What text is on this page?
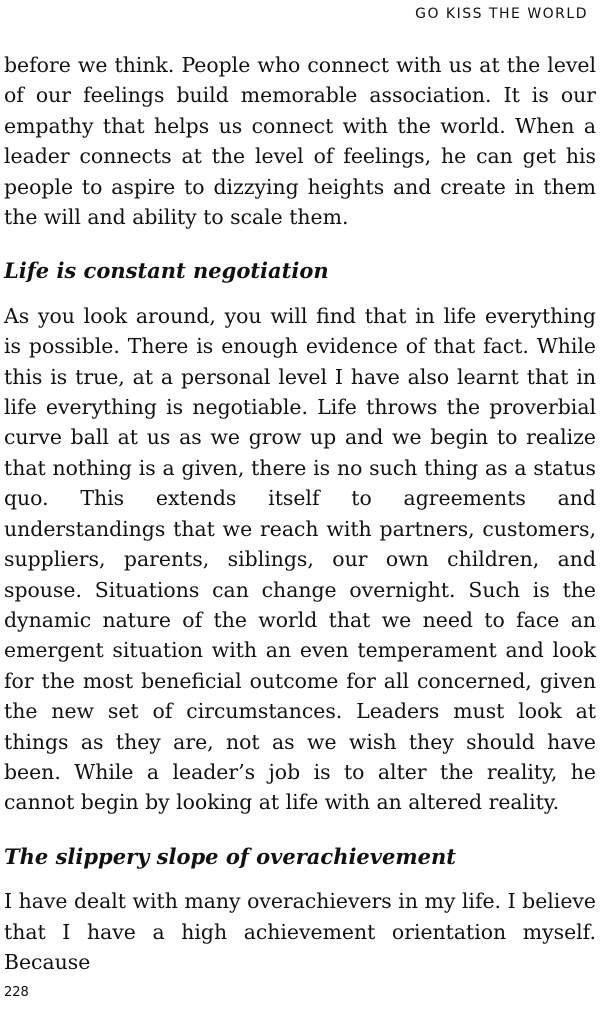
GO KISS THE WORLD

before we think. People who connect with us at the level of our feelings build memorable association. It is our empathy that helps us connect with the world. When a leader connects at the level of feelings, he can get his people to aspire to dizzying heights and create in them the will and ability to scale them.

Life is constant negotiation

As you look around, you will find that in life everything is possible. There is enough evidence of that fact. While this is true, at a personal level I have also learnt that in life everything is negotiable. Life throws the proverbial curve ball at us as we grow up and we begin to realize that nothing is a given, there is no such thing as a status quo. This extends itself to agreements and understandings that we reach with partners, customers, suppliers, parents, siblings, our own children, and spouse. Situations can change overnight. Such is the dynamic nature of the world that we need to face an emergent situation with an even temperament and look for the most beneficial outcome for all concerned, given the new set of circumstances. Leaders must look at things as they are, not as we wish they should have been. While a leader’s job is to alter the reality, he cannot begin by looking at life with an altered reality.

The slippery slope of overachievement

I have dealt with many overachievers in my life. I believe that I have a high achievement orientation myself. Because

228
